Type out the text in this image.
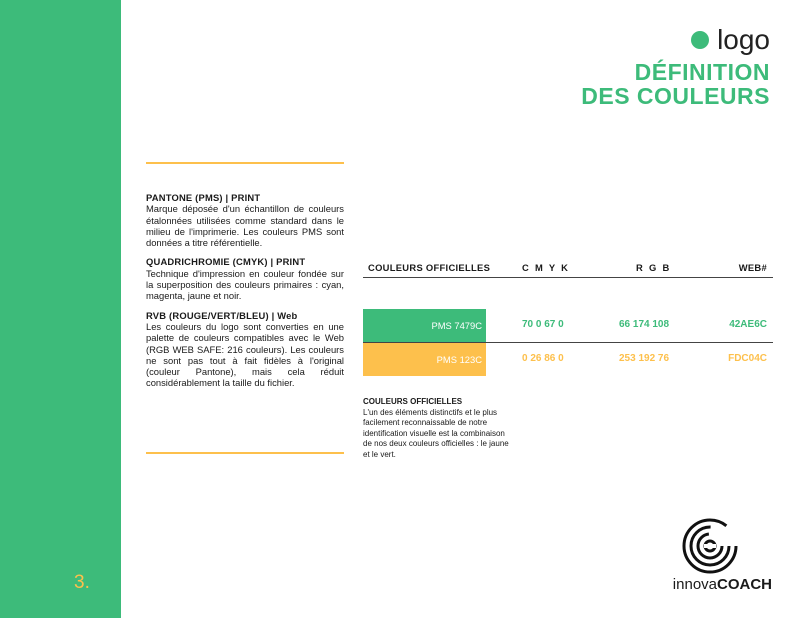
3.
logo
DÉFINITION
DES COULEURS
PANTONE (PMS) | PRINT
Marque déposée d'un échantillon de couleurs étalonnées utilisées comme standard dans le milieu de l'imprimerie. Les couleurs PMS sont données a titre référentielle.
QUADRICHROMIE (CMYK) | PRINT
Technique d'impression en couleur fondée sur la superposition des couleurs primaires : cyan, magenta, jaune et noir.
RVB (ROUGE/VERT/BLEU) | Web
Les couleurs du logo sont converties en une palette de couleurs compatibles avec le Web (RGB WEB SAFE: 216 couleurs). Les couleurs ne sont pas tout à fait fidèles à l'original (couleur Pantone), mais cela réduit considérablement la taille du fichier.
COULEURS OFFICIELLES	C M Y K	R G B	WEB#
PMS 7479C	70 0 67 0	66 174 108	42AE6C
PMS 123C	0 26 86 0	253 192 76	FDC04C
COULEURS OFFICIELLES
L'un des éléments distinctifs et le plus facilement reconnaissable de notre identification visuelle est la combinaison de nos deux couleurs officielles : le jaune et le vert.
innovaCOACH
